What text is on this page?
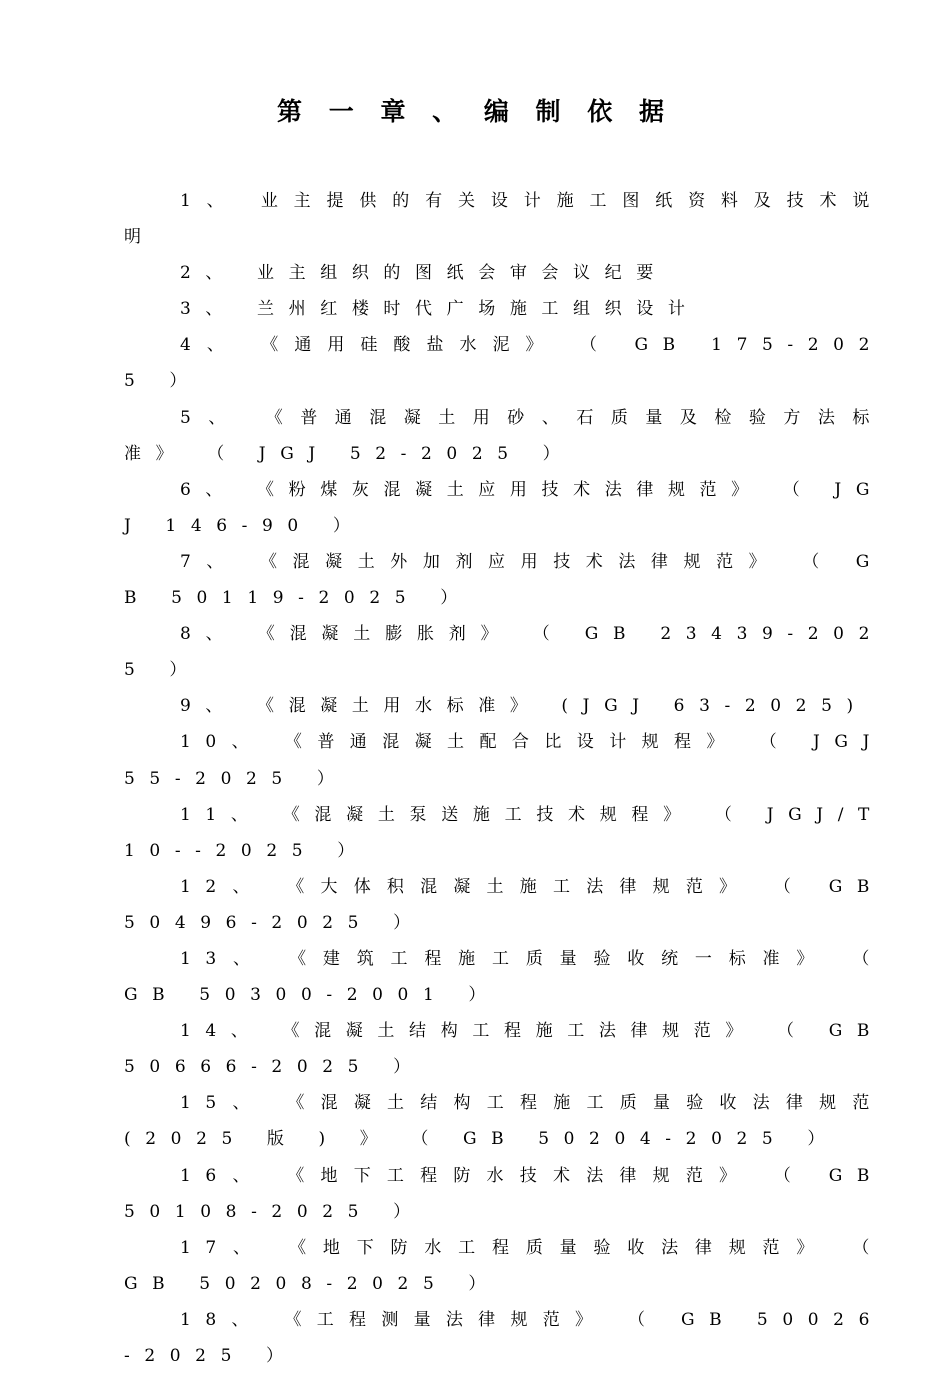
第 一 章 、 编 制 依 据
1、 业主提供的有关设计施工图纸资料及技术说明
2、 业主组织的图纸会审会议纪要
3、 兰州红楼时代广场施工组织设计
4、 《通用硅酸盐水泥》 （ GB 175-2025 ）
5、 《普通混凝土用砂、石质量及检验方法标准》 （ JGJ 52-2025 ）
6、 《粉煤灰混凝土应用技术法律规范》 （ JGJ 146-90 ）
7、 《混凝土外加剂应用技术法律规范》 （ GB 50119-2025 ）
8、 《混凝土膨胀剂》 （ GB 23439-2025 ）
9、 《混凝土用水标准》 (JGJ 63-2025)
10、 《普通混凝土配合比设计规程》 （ JGJ 55-2025 ）
11、 《混凝土泵送施工技术规程》 （ JGJ/T 10--2025 ）
12、 《大体积混凝土施工法律规范》 （ GB 50496-2025 ）
13、 《建筑工程施工质量验收统一标准》 （ GB 50300-2001 ）
14、 《混凝土结构工程施工法律规范》 （ GB 50666-2025 ）
15、 《混凝土结构工程施工质量验收法律规范 (2025 版 ) 》 （ GB 50204-2025 ）
16、 《地下工程防水技术法律规范》 （ GB 50108-2025 ）
17、 《地下防水工程质量验收法律规范》 （ GB 50208-2025 ）
18、 《工程测量法律规范》 （ GB 50026-2025 ）
